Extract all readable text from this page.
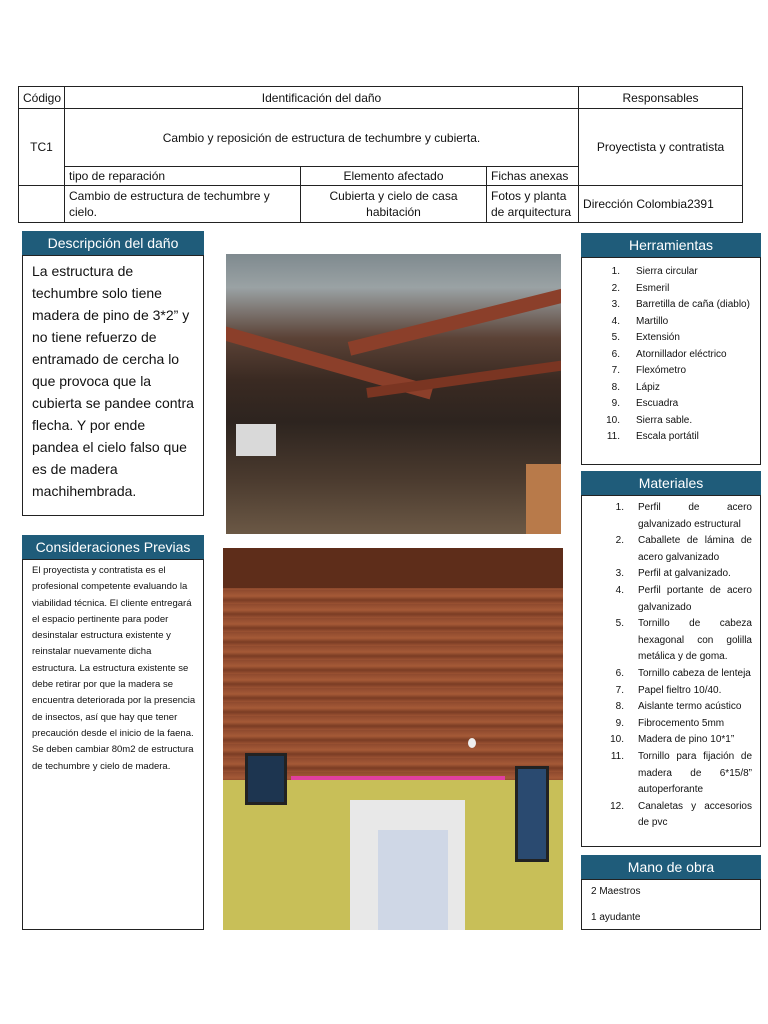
Código	Identificación del daño			Responsables
TC1	Cambio y reposición de estructura de techumbre y cubierta.			Proyectista y contratista
	tipo de reparación	Elemento afectado	Fichas anexas	
	Cambio de estructura de techumbre y cielo.	Cubierta y cielo de casa habitación	Fotos y planta de arquitectura	Dirección Colombia2391
Descripción del daño
La estructura de techumbre solo tiene madera de pino de 3*2” y no tiene refuerzo de entramado de cercha lo que provoca que la cubierta se pandee contra flecha. Y por ende pandea el cielo falso que es de madera machihembrada.
Consideraciones Previas
El proyectista y contratista es el profesional competente evaluando la viabilidad técnica. El cliente entregará el espacio pertinente para poder desinstalar estructura existente y reinstalar nuevamente dicha estructura. La estructura existente se debe retirar por que la madera se encuentra deteriorada por la presencia de insectos, así que hay que tener precaución desde el inicio de la faena. Se deben cambiar 80m2 de estructura de techumbre y cielo de madera.
Herramientas
1. Sierra circular
2. Esmeril
3. Barretilla de caña (diablo)
4. Martillo
5. Extensión
6. Atornillador eléctrico
7. Flexómetro
8. Lápiz
9. Escuadra
10. Sierra sable.
11. Escala portátil
Materiales
1. Perfil de acero galvanizado estructural
2. Caballete de lámina de acero galvanizado
3. Perfil at galvanizado.
4. Perfil portante de acero galvanizado
5. Tornillo de cabeza hexagonal con golilla metálica y de goma.
6. Tornillo cabeza de lenteja
7. Papel fieltro 10/40.
8. Aislante termo acústico
9. Fibrocemento 5mm
10. Madera de pino 10*1”
11. Tornillo para fijación de madera de 6*15/8” autoperforante
12. Canaletas y accesorios de pvc
Mano de obra
2 Maestros
1 ayudante
